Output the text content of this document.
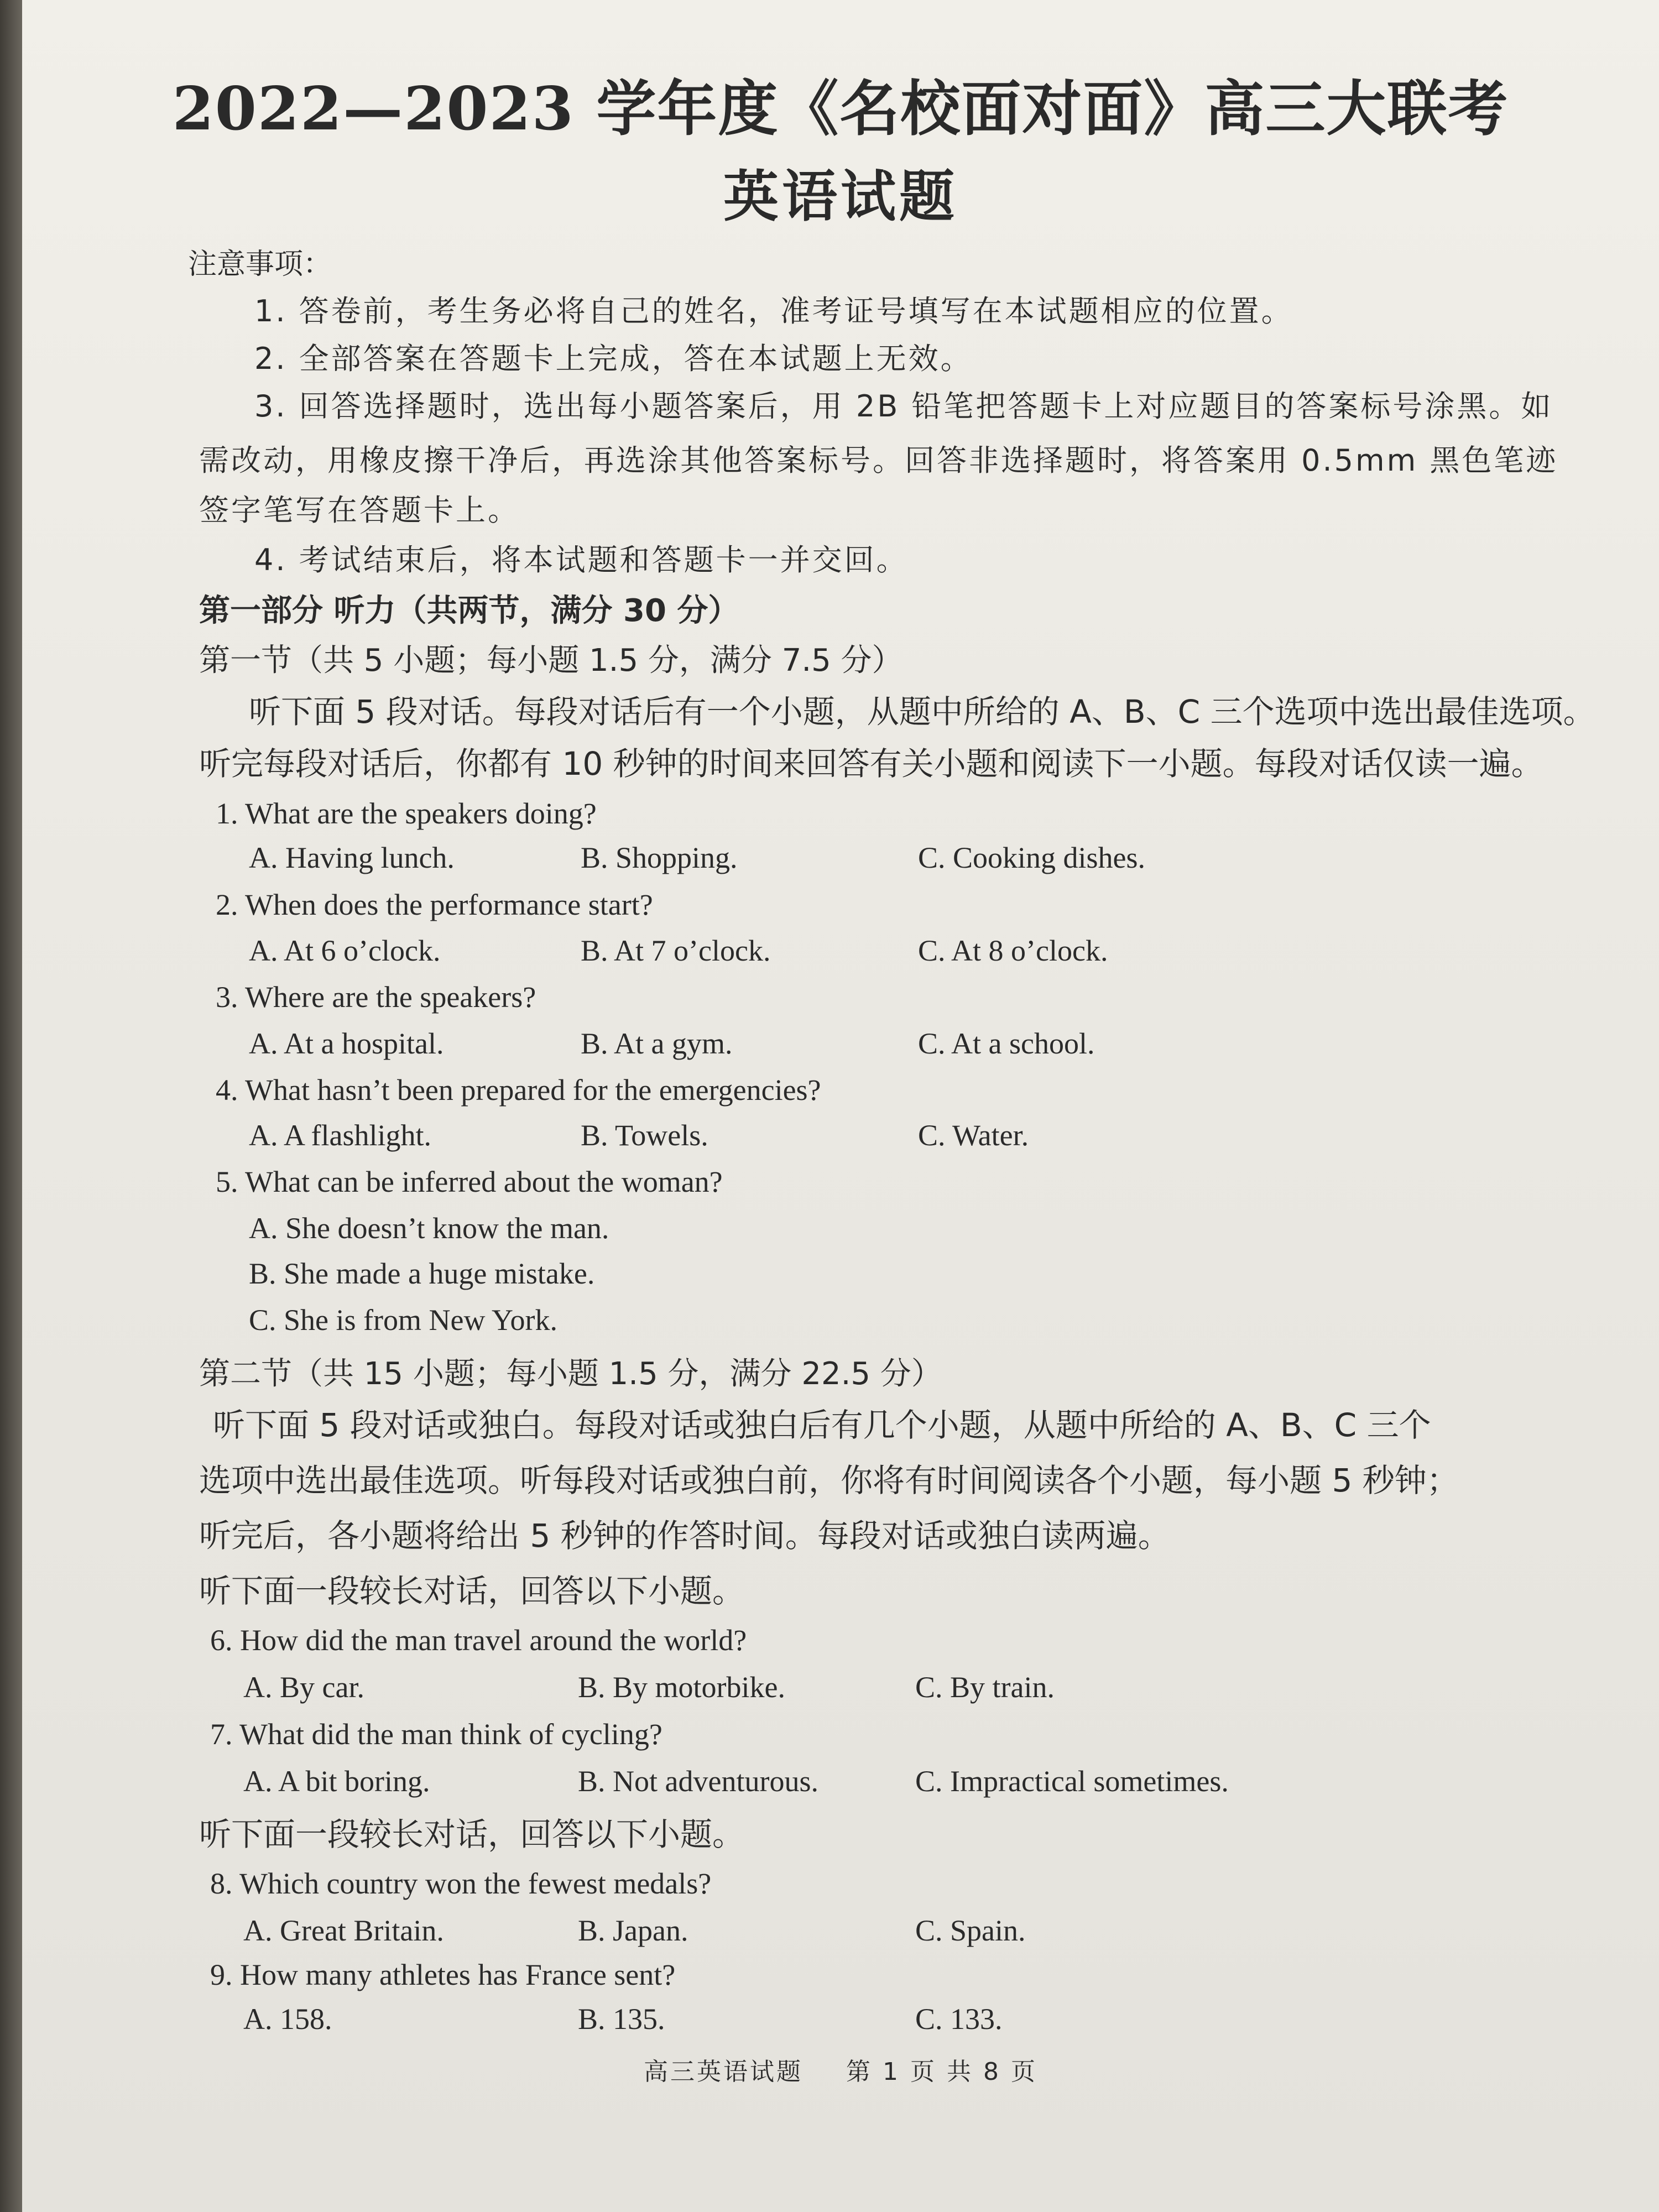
2022—2023 学年度《名校面对面》高三大联考
英语试题
注意事项：
1. 答卷前，考生务必将自己的姓名，准考证号填写在本试题相应的位置。
2. 全部答案在答题卡上完成，答在本试题上无效。
3. 回答选择题时，选出每小题答案后，用 2B 铅笔把答题卡上对应题目的答案标号涂黑。如
需改动，用橡皮擦干净后，再选涂其他答案标号。回答非选择题时，将答案用 0.5mm 黑色笔迹
签字笔写在答题卡上。
4. 考试结束后，将本试题和答题卡一并交回。
第一部分 听力（共两节，满分 30 分）
第一节（共 5 小题；每小题 1.5 分，满分 7.5 分）
听下面 5 段对话。每段对话后有一个小题，从题中所给的 A、B、C 三个选项中选出最佳选项。
听完每段对话后，你都有 10 秒钟的时间来回答有关小题和阅读下一小题。每段对话仅读一遍。
1. What are the speakers doing?
A. Having lunch.	B. Shopping.	C. Cooking dishes.
2. When does the performance start?
A. At 6 o’clock.	B. At 7 o’clock.	C. At 8 o’clock.
3. Where are the speakers?
A. At a hospital.	B. At a gym.	C. At a school.
4. What hasn’t been prepared for the emergencies?
A. A flashlight.	B. Towels.	C. Water.
5. What can be inferred about the woman?
A. She doesn’t know the man.
B. She made a huge mistake.
C. She is from New York.
第二节（共 15 小题；每小题 1.5 分，满分 22.5 分）
听下面 5 段对话或独白。每段对话或独白后有几个小题，从题中所给的 A、B、C 三个
选项中选出最佳选项。听每段对话或独白前，你将有时间阅读各个小题，每小题 5 秒钟；
听完后，各小题将给出 5 秒钟的作答时间。每段对话或独白读两遍。
听下面一段较长对话，回答以下小题。
6. How did the man travel around the world?
A. By car.	B. By motorbike.	C. By train.
7. What did the man think of cycling?
A. A bit boring.	B. Not adventurous.	C. Impractical sometimes.
听下面一段较长对话，回答以下小题。
8. Which country won the fewest medals?
A. Great Britain.	B. Japan.	C. Spain.
9. How many athletes has France sent?
A. 158.	B. 135.	C. 133.
高三英语试题 第 1 页 共 8 页
